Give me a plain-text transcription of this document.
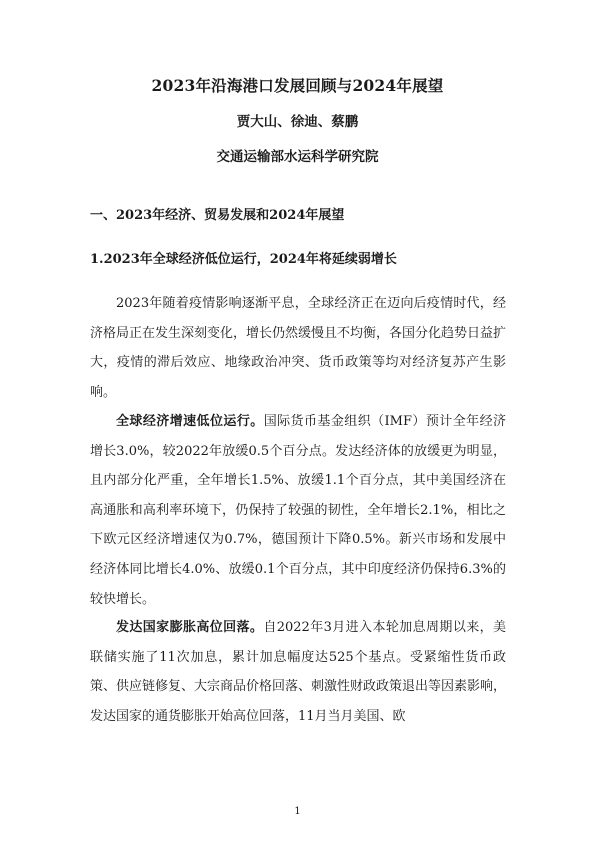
2023年沿海港口发展回顾与2024年展望
贾大山、徐迪、蔡鹏
交通运输部水运科学研究院
一、2023年经济、贸易发展和2024年展望
1.2023年全球经济低位运行，2024年将延续弱增长

2023年随着疫情影响逐渐平息，全球经济正在迈向后疫情时代，经济格局正在发生深刻变化，增长仍然缓慢且不均衡，各国分化趋势日益扩大，疫情的滞后效应、地缘政治冲突、货币政策等均对经济复苏产生影响。

全球经济增速低位运行。国际货币基金组织（IMF）预计全年经济增长3.0%，较2022年放缓0.5个百分点。发达经济体的放缓更为明显，且内部分化严重，全年增长1.5%、放缓1.1个百分点，其中美国经济在高通胀和高利率环境下，仍保持了较强的韧性，全年增长2.1%，相比之下欧元区经济增速仅为0.7%，德国预计下降0.5%。新兴市场和发展中经济体同比增长4.0%、放缓0.1个百分点，其中印度经济仍保持6.3%的较快增长。

发达国家膨胀高位回落。自2022年3月进入本轮加息周期以来，美联储实施了11次加息，累计加息幅度达525个基点。受紧缩性货币政策、供应链修复、大宗商品价格回落、刺激性财政政策退出等因素影响，发达国家的通货膨胀开始高位回落，11月当月美国、欧

1
